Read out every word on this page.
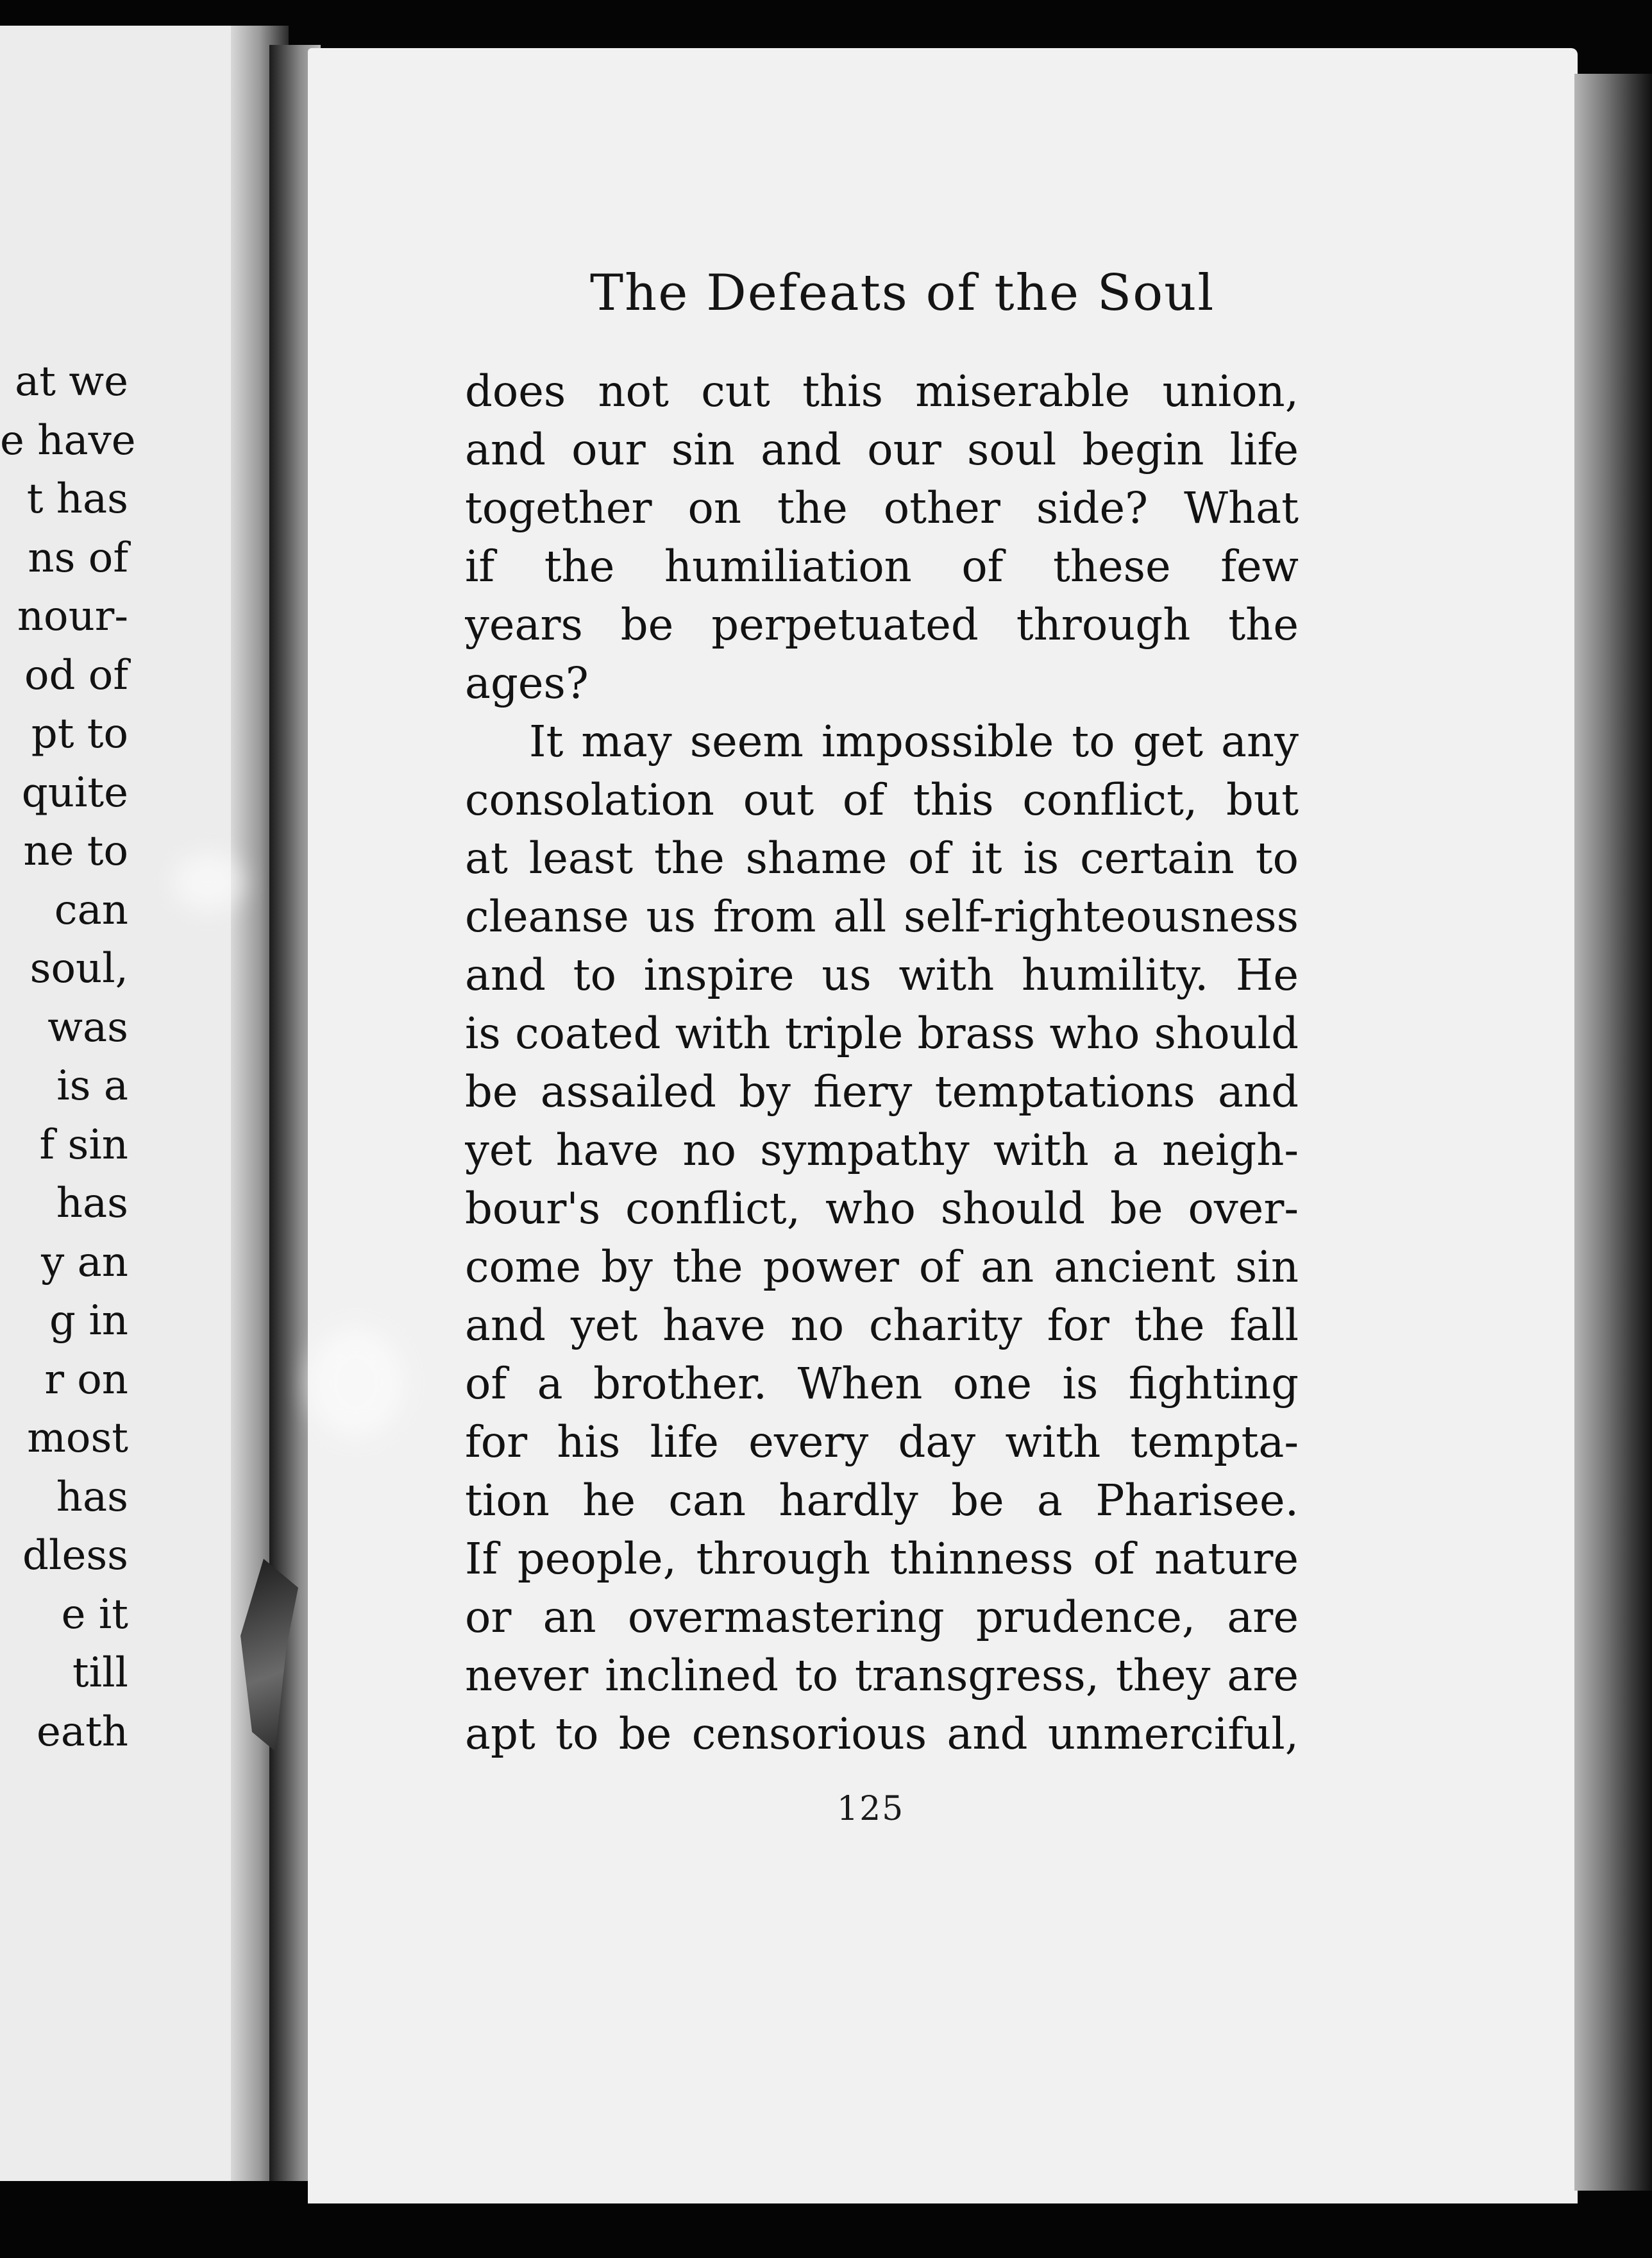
at we
e have
t has
ns of
nour-
od of
pt to
quite
ne to
can
soul,
was
is a
f sin
has
y an
g in
r on
most
has
dless
e it
till
eath
The Defeats of the Soul
does not cut this miserable union,
and our sin and our soul begin life
together on the other side? What
if the humiliation of these few
years be perpetuated through the
ages?
It may seem impossible to get any
consolation out of this conflict, but
at least the shame of it is certain to
cleanse us from all self-righteousness
and to inspire us with humility. He
is coated with triple brass who should
be assailed by fiery temptations and
yet have no sympathy with a neigh-
bour's conflict, who should be over-
come by the power of an ancient sin
and yet have no charity for the fall
of a brother. When one is fighting
for his life every day with tempta-
tion he can hardly be a Pharisee.
If people, through thinness of nature
or an overmastering prudence, are
never inclined to transgress, they are
apt to be censorious and unmerciful,
125
